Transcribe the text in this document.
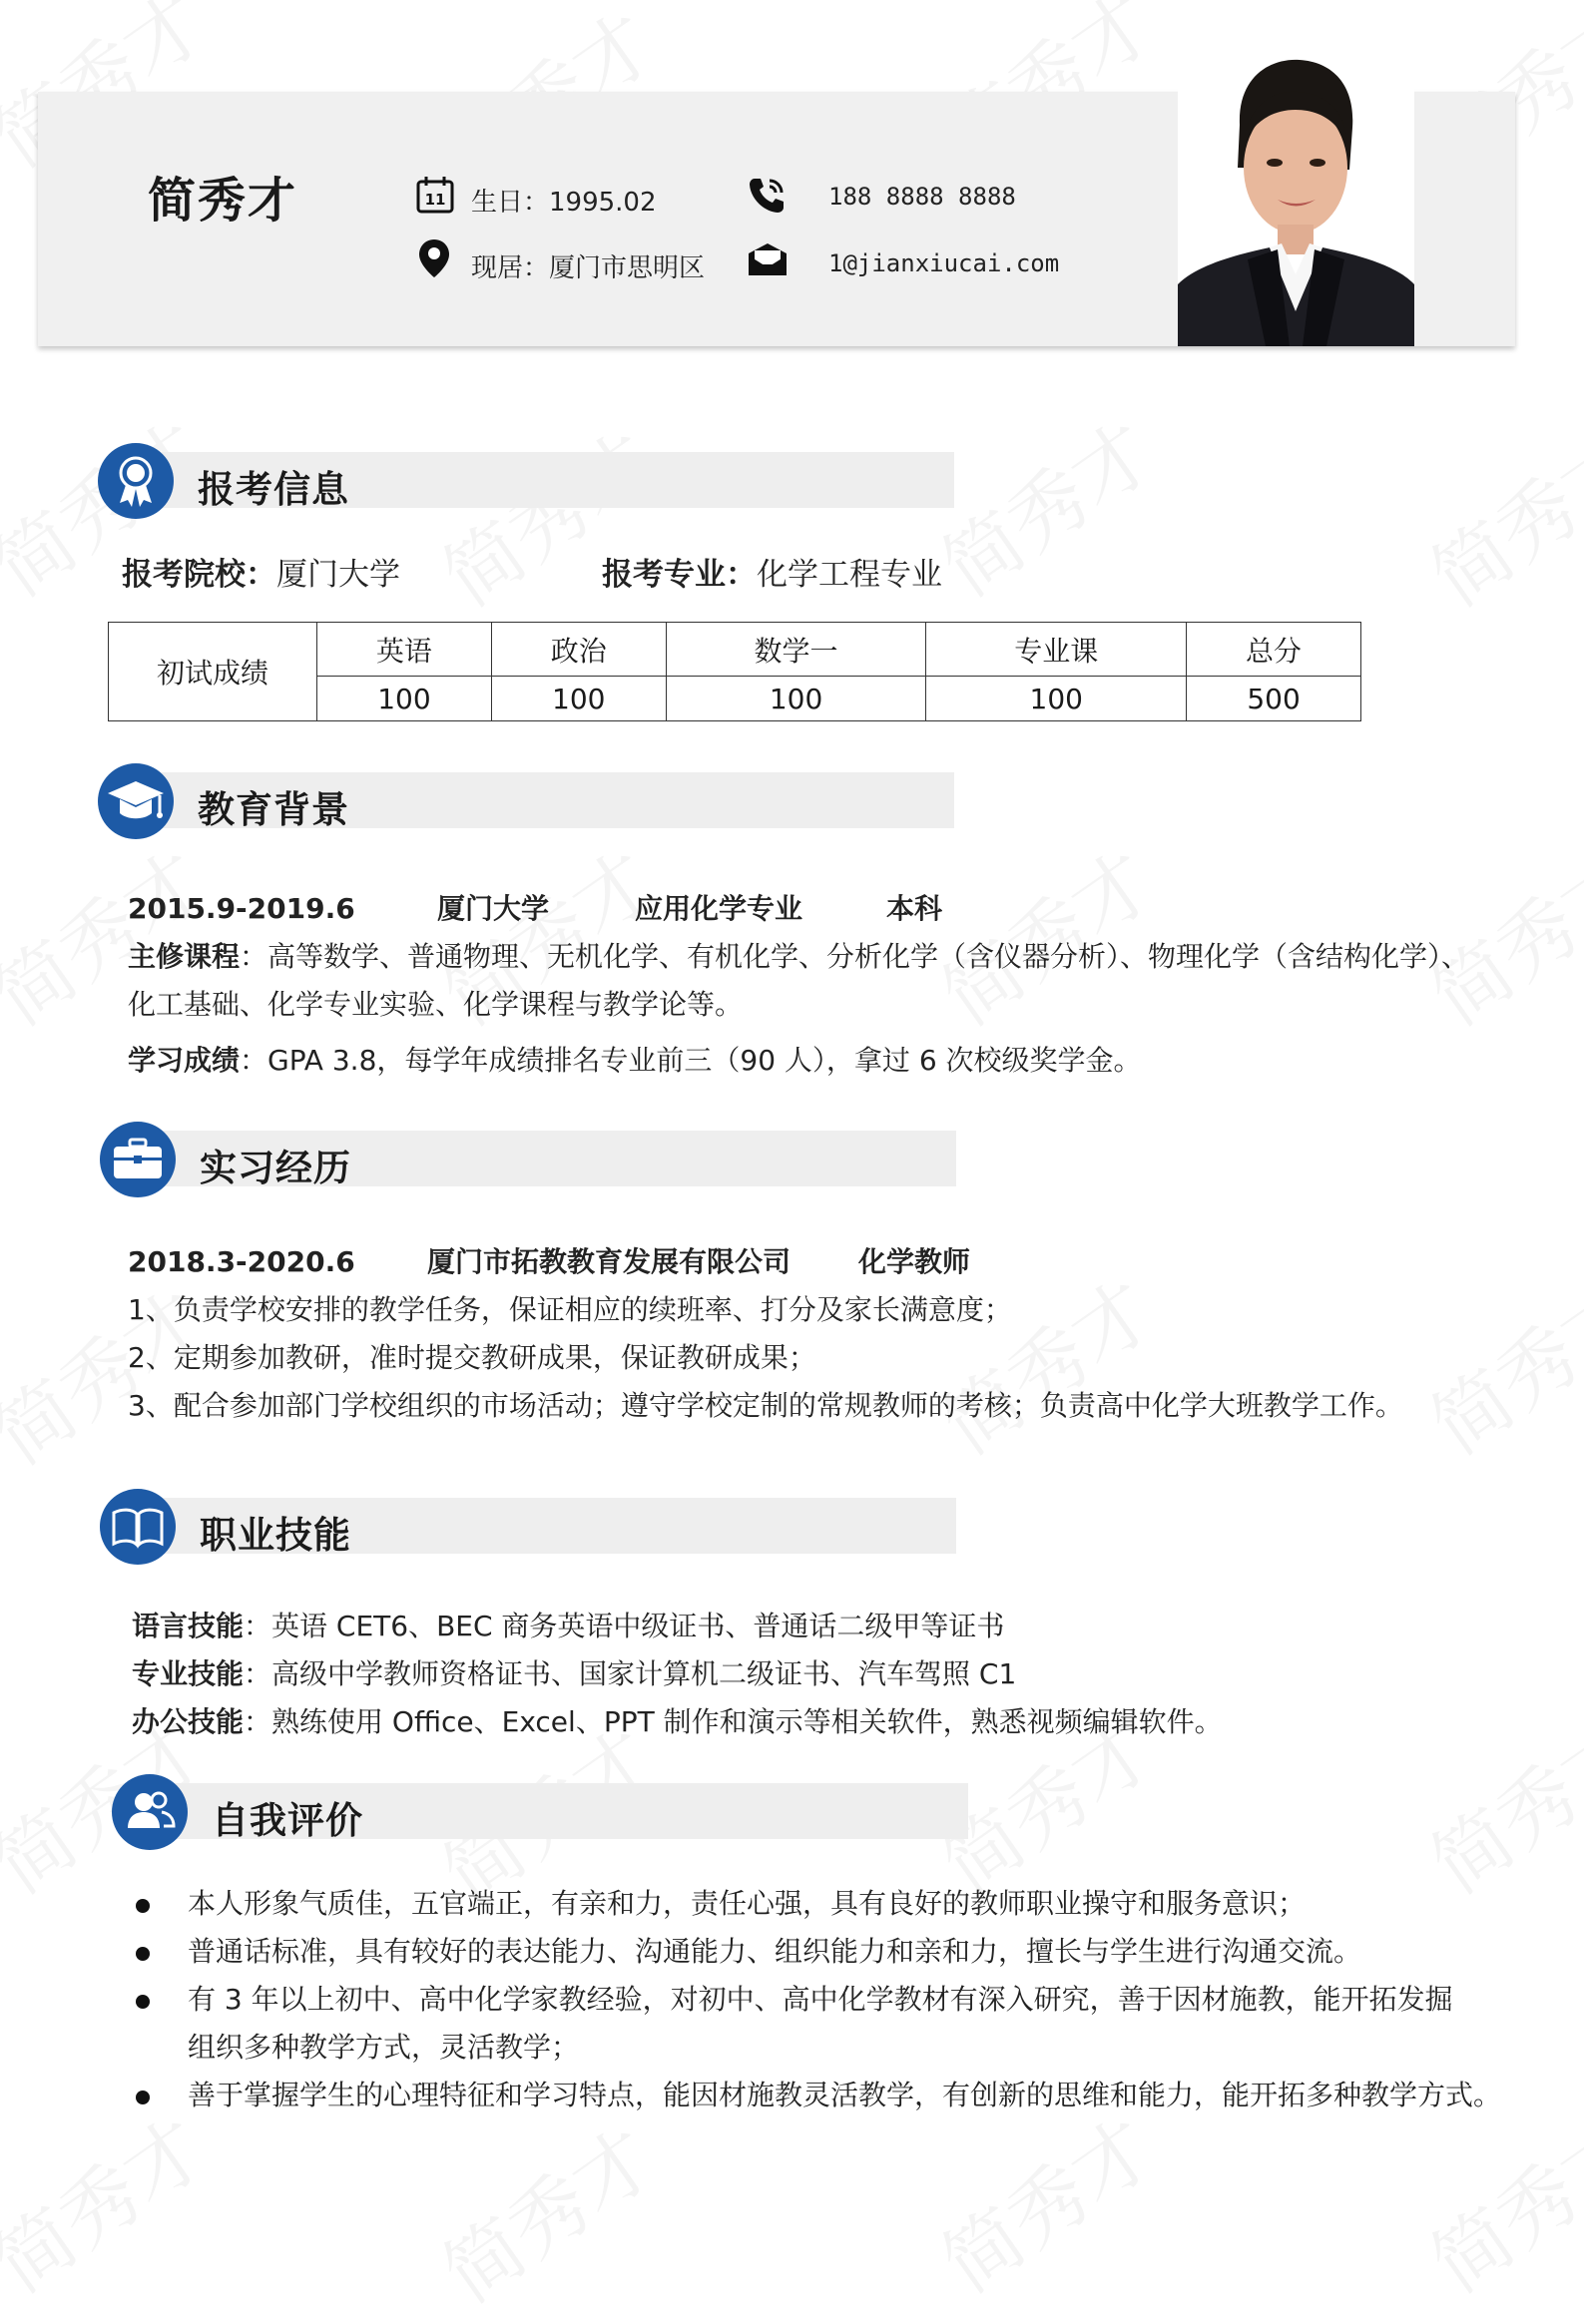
简秀才	11 生日：1995.02	188 8888 8888
现居：厦门市思明区	1@jianxiucai.com
报考信息
报考院校：厦门大学	报考专业：化学工程专业
初试成绩	英语	政治	数学一	专业课	总分
	100	100	100	100	500
教育背景
2015.9-2019.6	厦门大学	应用化学专业	本科
主修课程：高等数学、普通物理、无机化学、有机化学、分析化学（含仪器分析）、物理化学（含结构化学）、
化工基础、化学专业实验、化学课程与教学论等。
学习成绩：GPA 3.8，每学年成绩排名专业前三（90 人），拿过 6 次校级奖学金。
实习经历
2018.3-2020.6	厦门市拓教教育发展有限公司 化学教师
1、负责学校安排的教学任务，保证相应的续班率、打分及家长满意度；
2、定期参加教研，准时提交教研成果，保证教研成果；
3、配合参加部门学校组织的市场活动；遵守学校定制的常规教师的考核；负责高中化学大班教学工作。
职业技能
语言技能：英语 CET6、BEC 商务英语中级证书、普通话二级甲等证书
专业技能：高级中学教师资格证书、国家计算机二级证书、汽车驾照 C1
办公技能：熟练使用 Office、Excel、PPT 制作和演示等相关软件，熟悉视频编辑软件。
自我评价
本人形象气质佳，五官端正，有亲和力，责任心强，具有良好的教师职业操守和服务意识；
普通话标准，具有较好的表达能力、沟通能力、组织能力和亲和力，擅长与学生进行沟通交流。
有 3 年以上初中、高中化学家教经验，对初中、高中化学教材有深入研究，善于因材施教，能开拓发掘
组织多种教学方式，灵活教学；
善于掌握学生的心理特征和学习特点，能因材施教灵活教学，有创新的思维和能力，能开拓多种教学方式。
